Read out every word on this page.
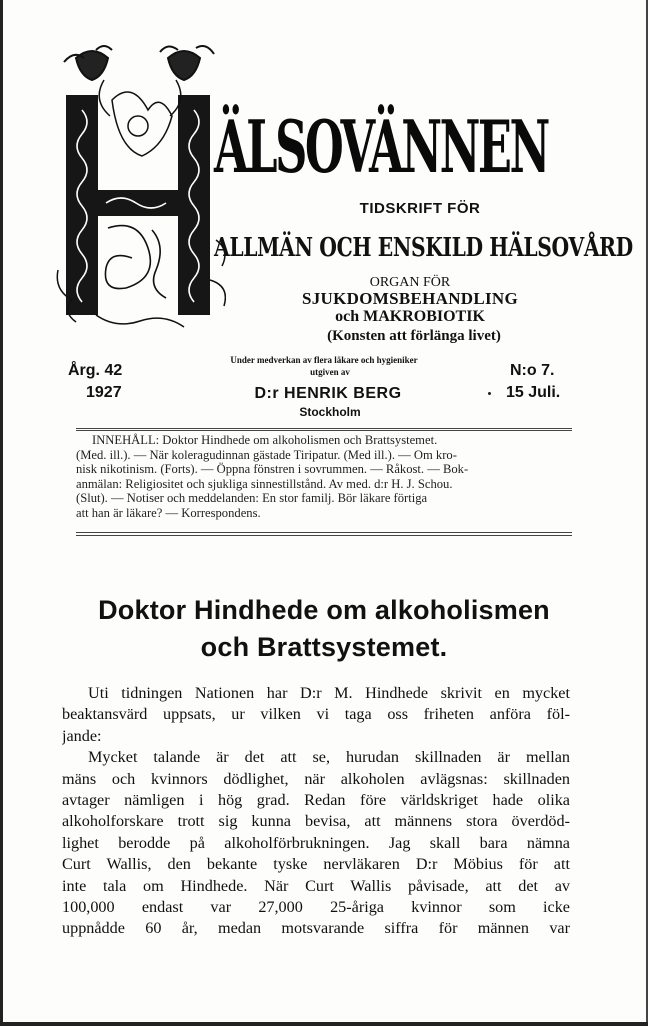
ÄLSOVÄNNEN
TIDSKRIFT FÖR
ALLMÄN OCH ENSKILD HÄLSOVÅRD
ORGAN FÖR
SJUKDOMSBEHANDLING
och MAKROBIOTIK
(Konsten att förlänga livet)
Årg. 42
1927
Under medverkan av flera läkare och hygieniker
utgiven av
D:r HENRIK BERG
Stockholm
N:o 7.
15 Juli.
INNEHÅLL: Doktor Hindhede om alkoholismen och Brattsystemet.
(Med. ill.). — När koleragudinnan gästade Tiripatur. (Med ill.). — Om kro-
nisk nikotinism. (Forts). — Öppna fönstren i sovrummen. — Råkost. — Bok-
anmälan: Religiositet och sjukliga sinnestillstånd. Av med. d:r H. J. Schou.
(Slut). — Notiser och meddelanden: En stor familj. Bör läkare förtiga
att han är läkare? — Korrespondens.
Doktor Hindhede om alkoholismen
och Brattsystemet.
Uti tidningen Nationen har D:r M. Hindhede skrivit en mycket
beaktansvärd uppsats, ur vilken vi taga oss friheten anföra föl-
jande:
Mycket talande är det att se, hurudan skillnaden är mellan
mäns och kvinnors dödlighet, när alkoholen avlägsnas: skillnaden
avtager nämligen i hög grad. Redan före världskriget hade olika
alkoholforskare trott sig kunna bevisa, att männens stora överdöd-
lighet berodde på alkoholförbrukningen. Jag skall bara nämna
Curt Wallis, den bekante tyske nervläkaren D:r Möbius för att
inte tala om Hindhede. När Curt Wallis påvisade, att det av
100,000 endast var 27,000 25-åriga kvinnor som icke
uppnådde 60 år, medan motsvarande siffra för männen var
